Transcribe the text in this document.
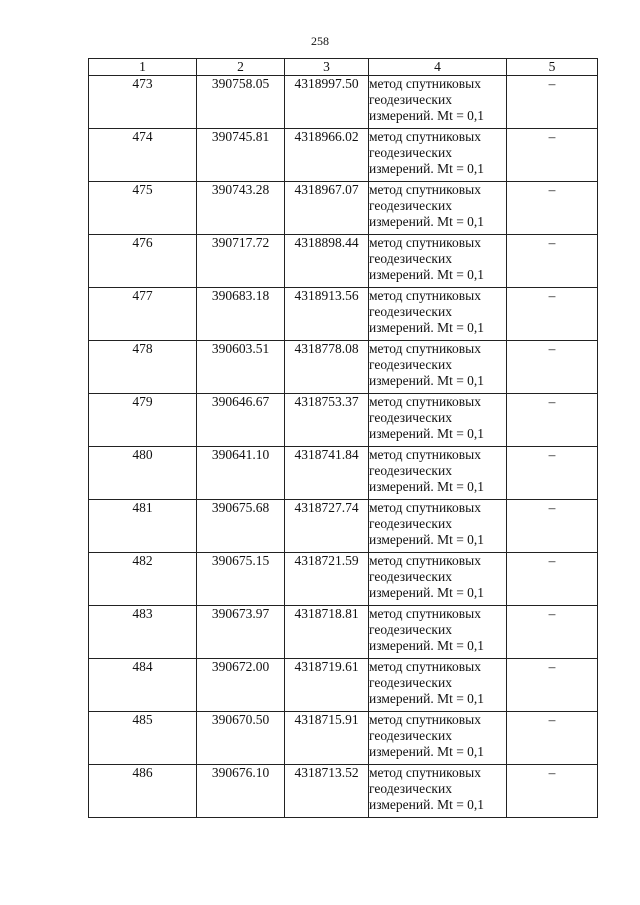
258
1	2	3	4	5
473	390758.05	4318997.50	метод спутниковых геодезических измерений. Mt = 0,1	–
474	390745.81	4318966.02	метод спутниковых геодезических измерений. Mt = 0,1	–
475	390743.28	4318967.07	метод спутниковых геодезических измерений. Mt = 0,1	–
476	390717.72	4318898.44	метод спутниковых геодезических измерений. Mt = 0,1	–
477	390683.18	4318913.56	метод спутниковых геодезических измерений. Mt = 0,1	–
478	390603.51	4318778.08	метод спутниковых геодезических измерений. Mt = 0,1	–
479	390646.67	4318753.37	метод спутниковых геодезических измерений. Mt = 0,1	–
480	390641.10	4318741.84	метод спутниковых геодезических измерений. Mt = 0,1	–
481	390675.68	4318727.74	метод спутниковых геодезических измерений. Mt = 0,1	–
482	390675.15	4318721.59	метод спутниковых геодезических измерений. Mt = 0,1	–
483	390673.97	4318718.81	метод спутниковых геодезических измерений. Mt = 0,1	–
484	390672.00	4318719.61	метод спутниковых геодезических измерений. Mt = 0,1	–
485	390670.50	4318715.91	метод спутниковых геодезических измерений. Mt = 0,1	–
486	390676.10	4318713.52	метод спутниковых геодезических измерений. Mt = 0,1	–
